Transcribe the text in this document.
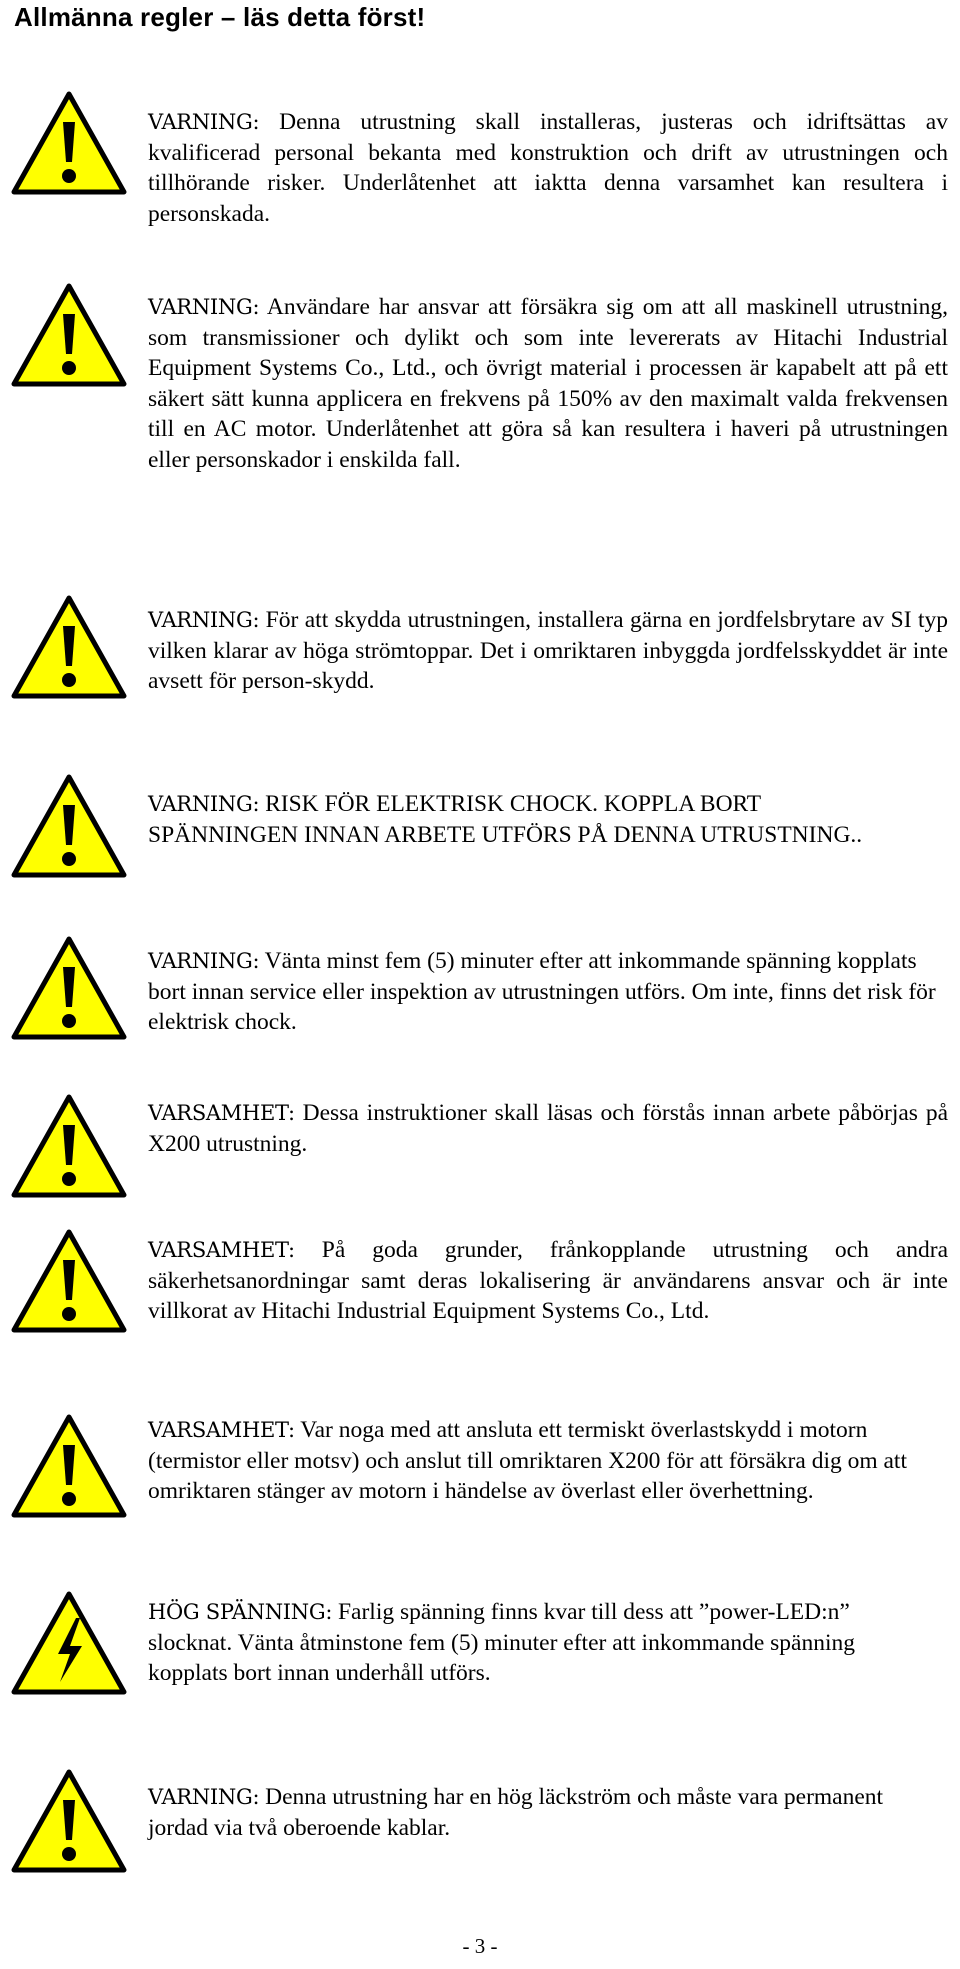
Allmänna regler – läs detta först!
VARNING: Denna utrustning skall installeras, justeras och idriftsättas av kvalificerad personal bekanta med konstruktion och drift av utrustningen och tillhörande risker. Underlåtenhet att iaktta denna varsamhet kan resultera i personskada.
VARNING: Användare har ansvar att försäkra sig om att all maskinell utrustning, som transmissioner och dylikt och som inte levererats av Hitachi Industrial Equipment Systems Co., Ltd., och övrigt material i processen är kapabelt att på ett säkert sätt kunna applicera en frekvens på 150% av den maximalt valda frekvensen till en AC motor. Underlåtenhet att göra så kan resultera i haveri på utrustningen eller personskador i enskilda fall.
VARNING: För att skydda utrustningen, installera gärna en jordfelsbrytare av SI typ vilken klarar av höga strömtoppar. Det i omriktaren inbyggda jordfelsskyddet är inte avsett för person-skydd.
VARNING: RISK FÖR ELEKTRISK CHOCK. KOPPLA BORT SPÄNNINGEN INNAN ARBETE UTFÖRS PÅ DENNA UTRUSTNING..
VARNING: Vänta minst fem (5) minuter efter att inkommande spänning kopplats bort innan service eller inspektion av utrustningen utförs. Om inte, finns det risk för elektrisk chock.
VARSAMHET: Dessa instruktioner skall läsas och förstås innan arbete påbörjas på X200 utrustning.
VARSAMHET: På goda grunder, frånkopplande utrustning och andra säkerhetsanordningar samt deras lokalisering är användarens ansvar och är inte villkorat av Hitachi Industrial Equipment Systems Co., Ltd.
VARSAMHET: Var noga med att ansluta ett termiskt överlastskydd i motorn (termistor eller motsv) och anslut till omriktaren X200 för att försäkra dig om att omriktaren stänger av motorn i händelse av överlast eller överhettning.
HÖG SPÄNNING: Farlig spänning finns kvar till dess att ”power-LED:n” slocknat. Vänta åtminstone fem (5) minuter efter att inkommande spänning kopplats bort innan underhåll utförs.
VARNING: Denna utrustning har en hög läckström och måste vara permanent jordad via två oberoende kablar.
- 3 -
